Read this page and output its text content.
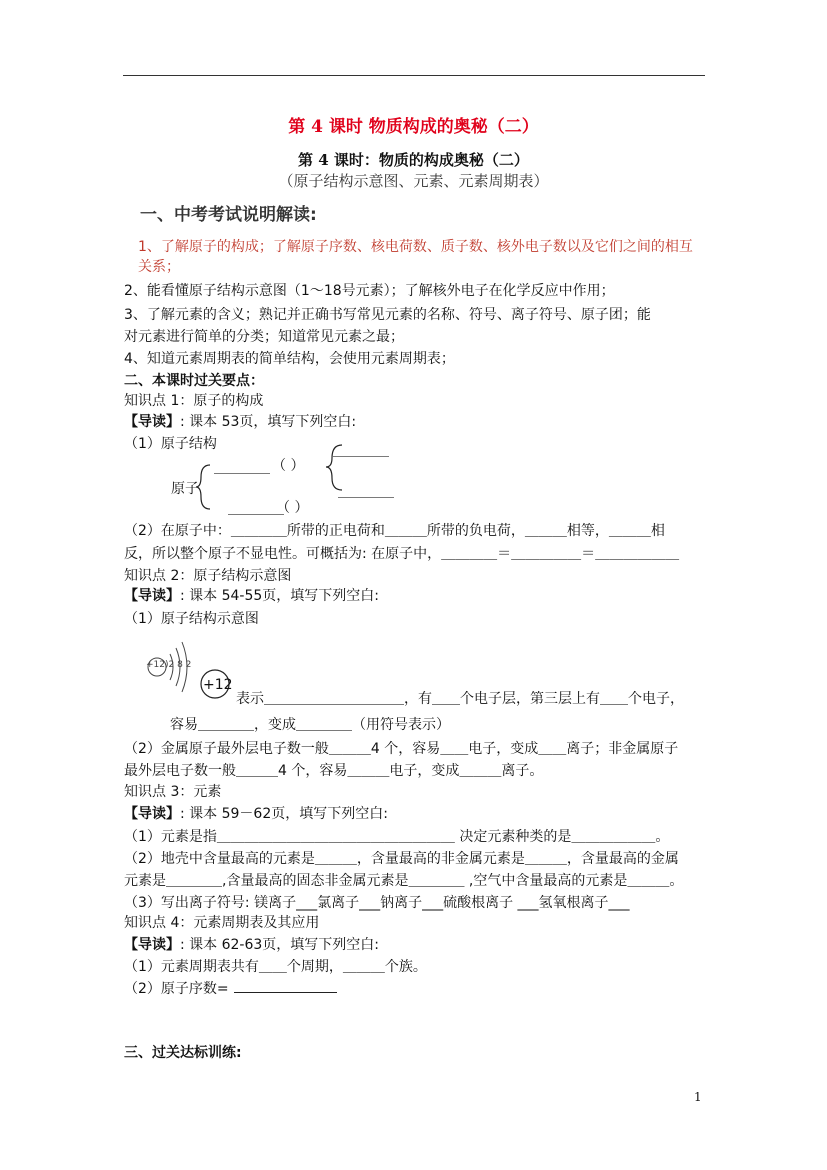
第 4 课时 物质构成的奥秘（二）
第 4 课时：物质的构成奥秘（二）
（原子结构示意图、元素、元素周期表）
一、中考考试说明解读:
1、了解原子的构成；了解原子序数、核电荷数、质子数、核外电子数以及它们之间的相互
关系；
2、能看懂原子结构示意图（1～18号元素）；了解核外电子在化学反应中作用；
3、了解元素的含义；熟记并正确书写常见元素的名称、符号、离子符号、原子团；能
对元素进行简单的分类；知道常见元素之最；
4、知道元素周期表的简单结构，会使用元素周期表；
二、本课时过关要点：
知识点 1：原子的构成
【导读】: 课本 53页，填写下列空白:
（1）原子结构	＿＿＿＿
＿＿＿＿ （ ）
原子	＿＿＿＿
＿＿＿＿
（ ）
（2）在原子中：＿＿＿＿所带的正电荷和＿＿＿所带的负电荷，＿＿＿相等，＿＿＿相
反，所以整个原子不显电性。可概括为: 在原子中，＿＿＿＿＝＿＿＿＿＿＝＿＿＿＿＿＿
知识点 2：原子结构示意图
【导读】: 课本 54-55页，填写下列空白:
（1）原子结构示意图
+12)2 8 2
+12
表示＿＿＿＿＿＿＿＿＿＿，有＿＿个电子层，第三层上有＿＿个电子，
容易＿＿＿＿，变成＿＿＿＿（用符号表示）
（2）金属原子最外层电子数一般＿＿＿4 个，容易＿＿电子，变成＿＿离子；非金属原子
最外层电子数一般＿＿＿4 个，容易＿＿＿电子，变成＿＿＿离子。
知识点 3：元素
【导读】: 课本 59－62页，填写下列空白:
（1）元素是指＿＿＿＿＿＿＿＿＿＿＿＿＿＿＿＿＿ 决定元素种类的是＿＿＿＿＿＿。
（2）地壳中含量最高的元素是＿＿＿，含量最高的非金属元素是＿＿＿，含量最高的金属
元素是＿＿＿＿,含量最高的固态非金属元素是＿＿＿＿ ,空气中含量最高的元素是＿＿＿。
（3）写出离子符号: 镁离子___氯离子___钠离子___硫酸根离子 ___氢氧根离子___
知识点 4：元素周期表及其应用
【导读】: 课本 62-63页，填写下列空白:
（1）元素周期表共有＿＿个周期，＿＿＿个族。
（2）原子序数=
三、过关达标训练:
1
